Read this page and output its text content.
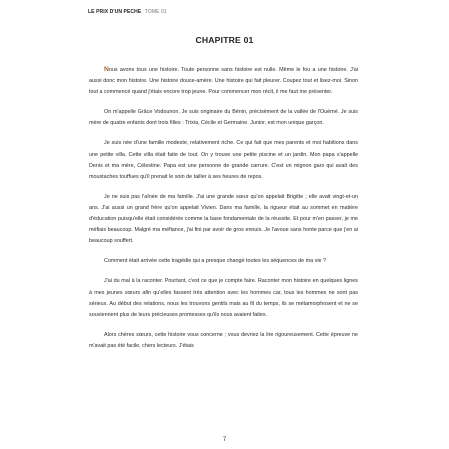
LE PRIX D'UN PECHE TOME 01
CHAPITRE 01

Nous avons tous une histoire. Toute personne sans histoire est nulle. Même le fou a une histoire. J'ai aussi donc mon histoire. Une histoire douce-amère. Une histoire qui fait pleurer. Coupez tout et lisez-moi. Sinon tout a commencé quand j'étais encore trop jeune. Pour commencer mon récit, il me faut me présenter.

On m'appelle Grâce Vodounon. Je suis originaire du Bénin, précisément de la vallée de l'Ouémé. Je suis mère de quatre enfants dont trois filles : Trixia, Cécile et Germaine. Junior, est mon unique garçon.

Je suis née d'une famille modeste, relativement riche. Ce qui fait que mes parents et moi habitions dans une petite villa. Cette villa était faite de tout. On y trouve une petite piscine et un jardin. Mon papa s'appelle Denis et ma mère, Célestine. Papa est une personne de grande carrure. C'est un mignon gars qui avait des moustaches touffues qu'il prenait le soin de tailler à ses heures de repos.

Je ne suis pas l'aînée de ma famille. J'ai une grande sœur qu'on appelait Brigitte ; elle avait vingt-et-un ans. J'ai aussi un grand frère qu'on appelait Vivien. Dans ma famille, la rigueur était au sommet en matière d'éducation puisqu'elle était considérée comme la base fondamentale de la réussite. Et pour m'en passer, je me méfiais beaucoup. Malgré ma méfiance, j'ai fini par avoir de gros ennuis. Je l'avoue sans honte parce que j'en ai beaucoup souffert.

Comment était arrivée cette tragédie qui a presque changé toutes les séquences de ma vie ?

J'ai du mal à la raconter. Pourtant, c'est ce que je compte faire. Raconter mon histoire en quelques lignes à mes jeunes sœurs afin qu'elles fassent très attention avec les hommes car, tous les hommes ne sont pas sérieux. Au début des relations, nous les trouvons gentils mais au fil du temps, ils se métamorphosent et ne se souviennent plus de leurs précieuses promesses qu'ils nous avaient faites.

Alors chères sœurs, cette histoire vous concerne ; vous devriez la lire rigoureusement. Cette épreuve ne m'avait pas été facile, chers lecteurs. J'étais

7
